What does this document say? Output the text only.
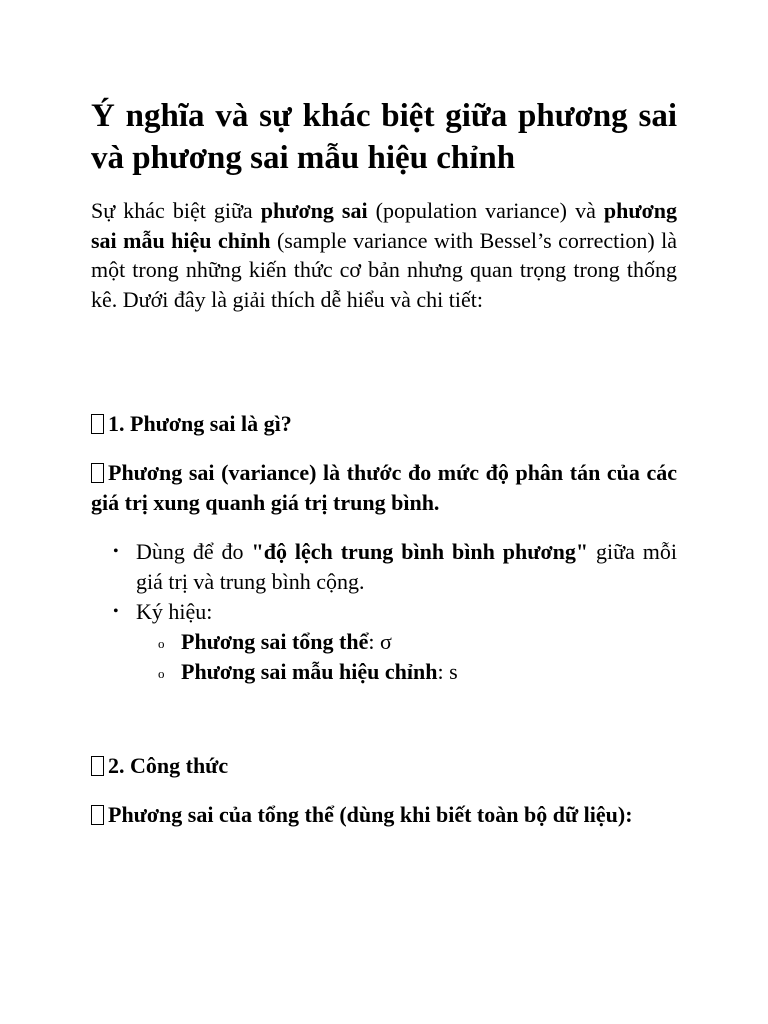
Ý nghĩa và sự khác biệt giữa phương sai và phương sai mẫu hiệu chỉnh

Sự khác biệt giữa phương sai (population variance) và phương sai mẫu hiệu chỉnh (sample variance with Bessel’s correction) là một trong những kiến thức cơ bản nhưng quan trọng trong thống kê. Dưới đây là giải thích dễ hiểu và chi tiết:

1. Phương sai là gì?

Phương sai (variance) là thước đo mức độ phân tán của các giá trị xung quanh giá trị trung bình.

• Dùng để đo "độ lệch trung bình bình phương" giữa mỗi giá trị và trung bình cộng.
• Ký hiệu:
o Phương sai tổng thể: σ
o Phương sai mẫu hiệu chỉnh: s
2. Công thức

Phương sai của tổng thể (dùng khi biết toàn bộ dữ liệu):
